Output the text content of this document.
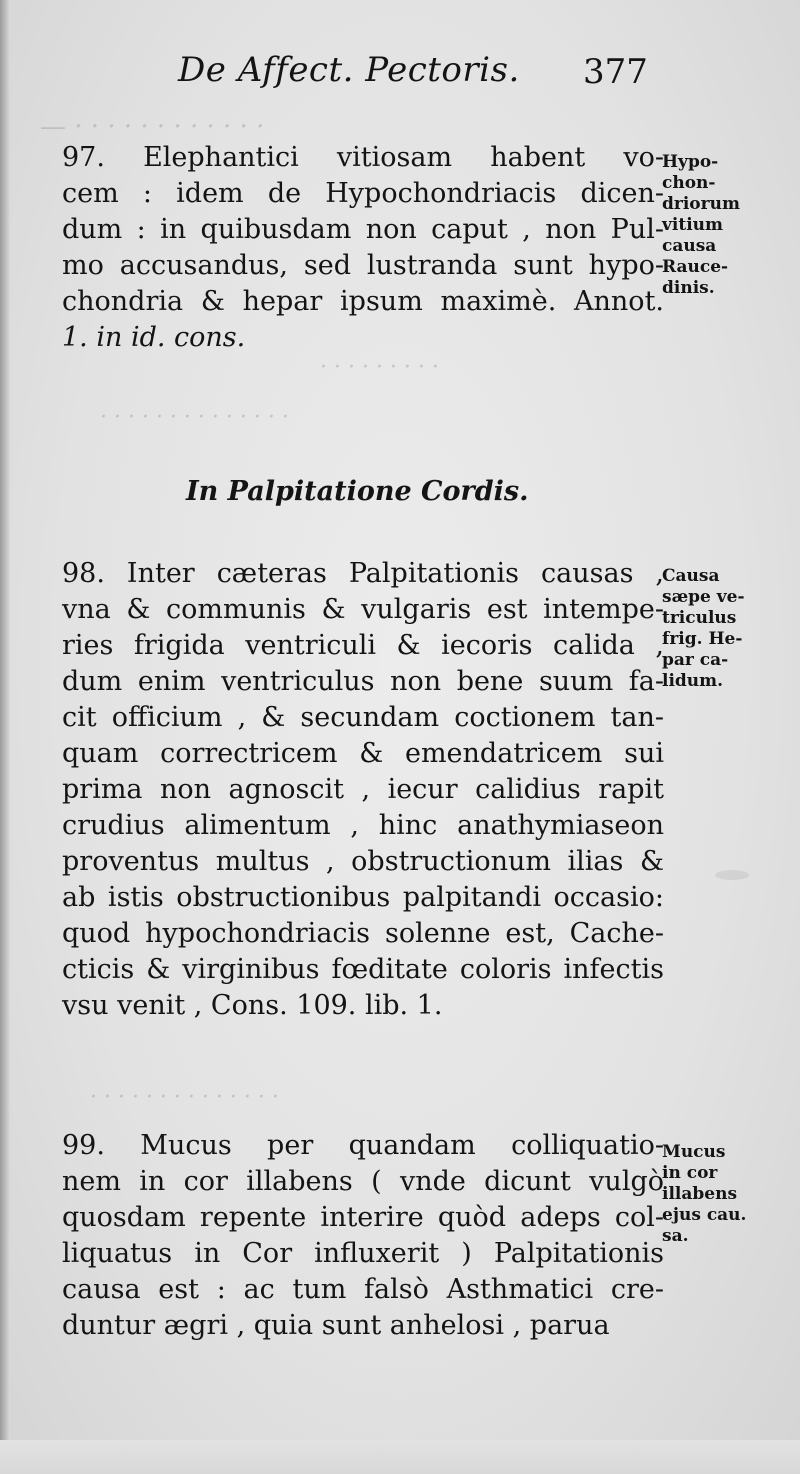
— · · · · · · · · · · · ·
· · · · · · · · ·
· · · · · · · · · · · · · ·
· · · · · · · · · · · · · ·
De Affect. Pectoris. 377
97. Elephantici vitiosam habent vo-
cem : idem de Hypochondriacis dicen-
dum : in quibusdam non caput , non Pul-
mo accusandus, sed lustranda sunt hypo-
chondria & hepar ipsum maximè. Annot.
1. in id. cons.
Hypo-
chon-
driorum
vitium
causa
Rauce-
dinis.
In Palpitatione Cordis.
98. Inter cæteras Palpitationis causas ,
vna & communis & vulgaris est intempe-
ries frigida ventriculi & iecoris calida ,
dum enim ventriculus non bene suum fa-
cit officium , & secundam coctionem tan-
quam correctricem & emendatricem sui
prima non agnoscit , iecur calidius rapit
crudius alimentum , hinc anathymiaseon
proventus multus , obstructionum ilias &
ab istis obstructionibus palpitandi occasio:
quod hypochondriacis solenne est, Cache-
cticis & virginibus fœditate coloris infectis
vsu venit , Cons. 109. lib. 1.
Causa
sæpe ve-
triculus
frig. He-
par ca-
lidum.
99. Mucus per quandam colliquatio-
nem in cor illabens ( vnde dicunt vulgò
quosdam repente interire quòd adeps col-
liquatus in Cor influxerit ) Palpitationis
causa est : ac tum falsò Asthmatici cre-
duntur ægri , quia sunt anhelosi , parua
Mucus
in cor
illabens
ejus cau.
sa.
